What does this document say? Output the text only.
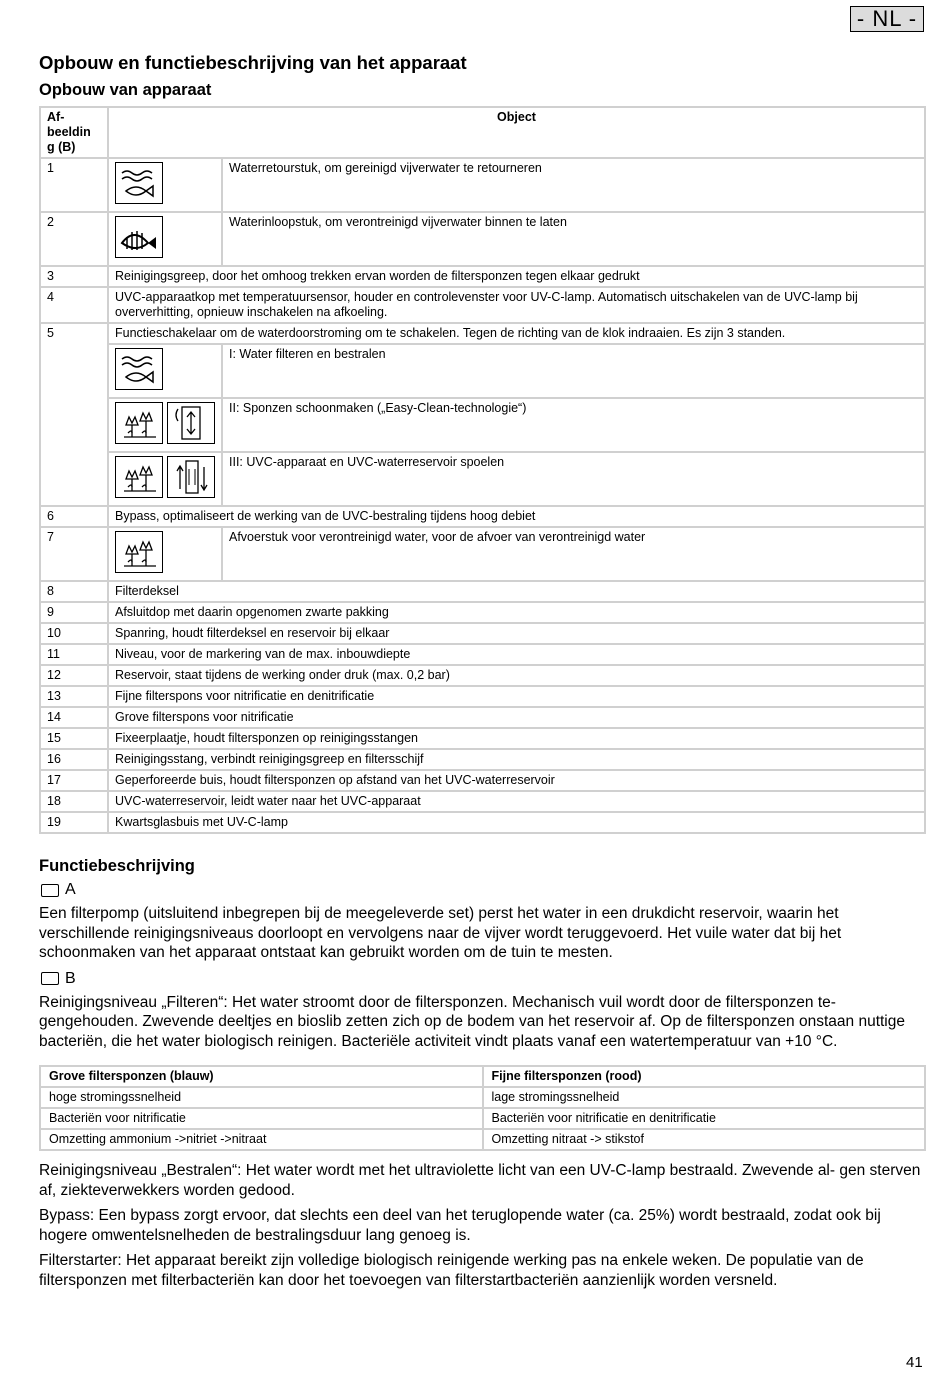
- NL -
Opbouw en functiebeschrijving van het apparaat
Opbouw van apparaat
Af-
beeldin
g (B)	Object	
1		Waterretourstuk, om gereinigd vijverwater te retourneren
2		Waterinloopstuk, om verontreinigd vijverwater binnen te laten
3	Reinigingsgreep, door het omhoog trekken ervan worden de filtersponzen tegen elkaar gedrukt	
4	UVC-apparaatkop met temperatuursensor, houder en controlevenster voor UV-C-lamp. Automatisch uitschakelen van de UVC-lamp bij oververhitting, opnieuw inschakelen na afkoeling.	
5	Functieschakelaar om de waterdoorstroming om te schakelen. Tegen de richting van de klok indraaien. Es zijn 3 standen.	

	I: Water filteren en bestralen

	II: Sponzen schoonmaken („Easy-Clean-technologie“)

	III: UVC-apparaat en UVC-waterreservoir spoelen
6	Bypass, optimaliseert de werking van de UVC-bestraling tijdens hoog debiet	
7		Afvoerstuk voor verontreinigd water, voor de afvoer van verontreinigd water
8	Filterdeksel	
9	Afsluitdop met daarin opgenomen zwarte pakking	
10	Spanring, houdt filterdeksel en reservoir bij elkaar	
11	Niveau, voor de markering van de max. inbouwdiepte	
12	Reservoir, staat tijdens de werking onder druk (max. 0,2 bar)	
13	Fijne filterspons voor nitrificatie en denitrificatie	
14	Grove filterspons voor nitrificatie	
15	Fixeerplaatje, houdt filtersponzen op reinigingsstangen	
16	Reinigingsstang, verbindt reinigingsgreep en filtersschijf	
17	Geperforeerde buis, houdt filtersponzen op afstand van het UVC-waterreservoir	
18	UVC-waterreservoir, leidt water naar het UVC-apparaat	
19	Kwartsglasbuis met UV-C-lamp	
Functiebeschrijving
A

Een filterpomp (uitsluitend inbegrepen bij de meegeleverde set) perst het water in een drukdicht reservoir, waarin het verschillende reinigingsniveaus doorloopt en vervolgens naar de vijver wordt teruggevoerd. Het vuile water dat bij het schoonmaken van het apparaat ontstaat kan gebruikt worden om de tuin te mesten.

B

Reinigingsniveau „Filteren“: Het water stroomt door de filtersponzen. Mechanisch vuil wordt door de filtersponzen te- gengehouden. Zwevende deeltjes en bioslib zetten zich op de bodem van het reservoir af. Op de filtersponzen onstaan nuttige bacteriën, die het water biologisch reinigen. Bacteriële activiteit vindt plaats vanaf een watertemperatuur van +10 °C.

Grove filtersponzen (blauw)	Fijne filtersponzen (rood)
hoge stromingssnelheid	lage stromingssnelheid
Bacteriën voor nitrificatie	Bacteriën voor nitrificatie en denitrificatie
Omzetting ammonium ->nitriet ->nitraat	Omzetting nitraat -> stikstof

Reinigingsniveau „Bestralen“: Het water wordt met het ultraviolette licht van een UV-C-lamp bestraald. Zwevende al- gen sterven af, ziekteverwekkers worden gedood.

Bypass: Een bypass zorgt ervoor, dat slechts een deel van het teruglopende water (ca. 25%) wordt bestraald, zodat ook bij hogere omwentelsnelheden de bestralingsduur lang genoeg is.

Filterstarter: Het apparaat bereikt zijn volledige biologisch reinigende werking pas na enkele weken. De populatie van de filtersponzen met filterbacteriën kan door het toevoegen van filterstartbacteriën aanzienlijk worden versneld.

41
